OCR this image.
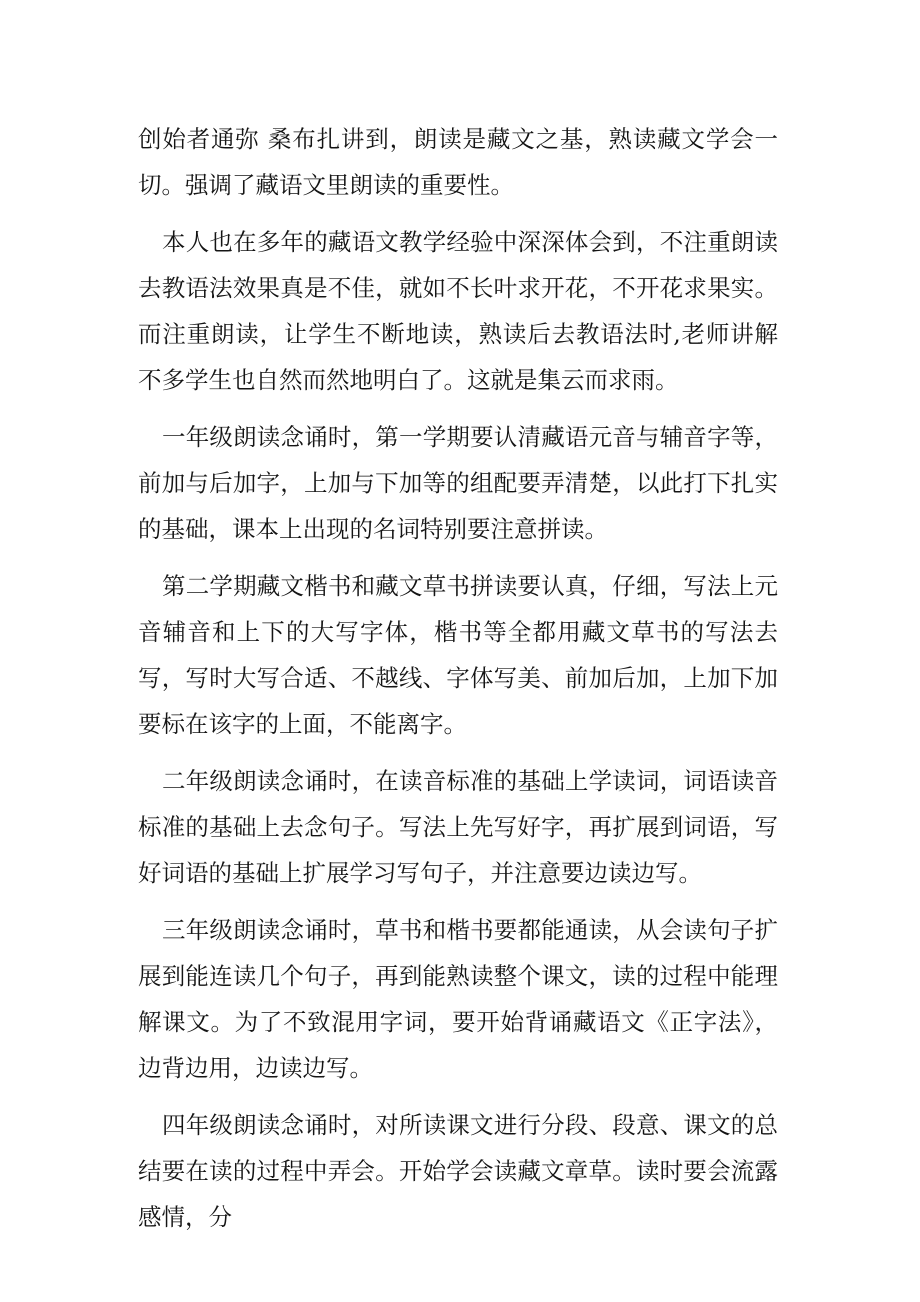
创始者通弥 桑布扎讲到，朗读是藏文之基，熟读藏文学会一切。强调了藏语文里朗读的重要性。

本人也在多年的藏语文教学经验中深深体会到，不注重朗读去教语法效果真是不佳，就如不长叶求开花，不开花求果实。而注重朗读，让学生不断地读，熟读后去教语法时,老师讲解不多学生也自然而然地明白了。这就是集云而求雨。

一年级朗读念诵时，第一学期要认清藏语元音与辅音字等，前加与后加字，上加与下加等的组配要弄清楚，以此打下扎实的基础，课本上出现的名词特别要注意拼读。

第二学期藏文楷书和藏文草书拼读要认真，仔细，写法上元音辅音和上下的大写字体，楷书等全都用藏文草书的写法去写，写时大写合适、不越线、字体写美、前加后加，上加下加要标在该字的上面，不能离字。

二年级朗读念诵时，在读音标准的基础上学读词，词语读音标准的基础上去念句子。写法上先写好字，再扩展到词语，写好词语的基础上扩展学习写句子，并注意要边读边写。

三年级朗读念诵时，草书和楷书要都能通读，从会读句子扩展到能连读几个句子，再到能熟读整个课文，读的过程中能理解课文。为了不致混用字词，要开始背诵藏语文《正字法》，边背边用，边读边写。

四年级朗读念诵时，对所读课文进行分段、段意、课文的总结要在读的过程中弄会。开始学会读藏文章草。读时要会流露感情，分
